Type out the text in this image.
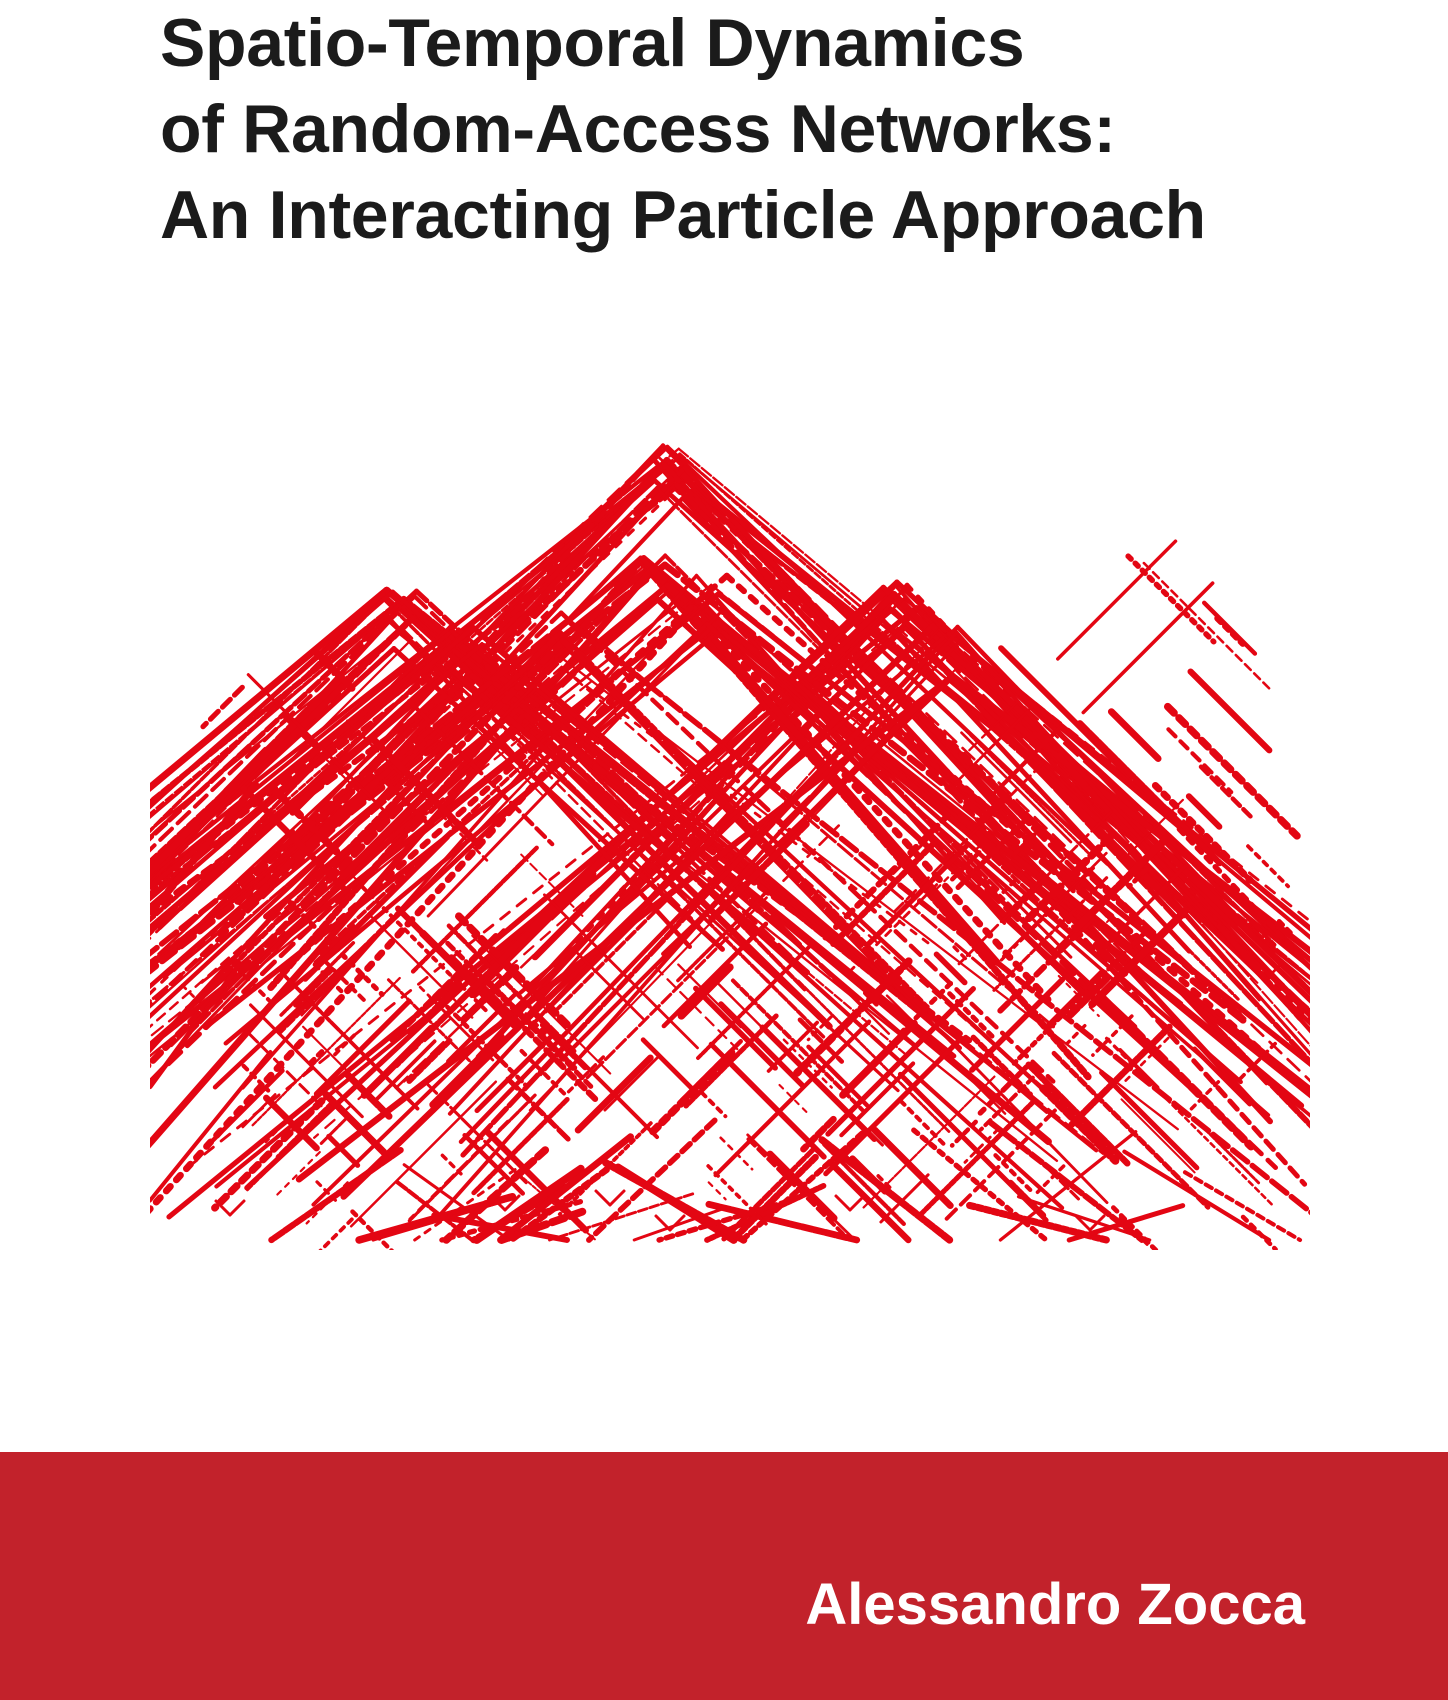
Spatio-Temporal Dynamics
of Random-Access Networks:
An Interacting Particle Approach
Alessandro Zocca
